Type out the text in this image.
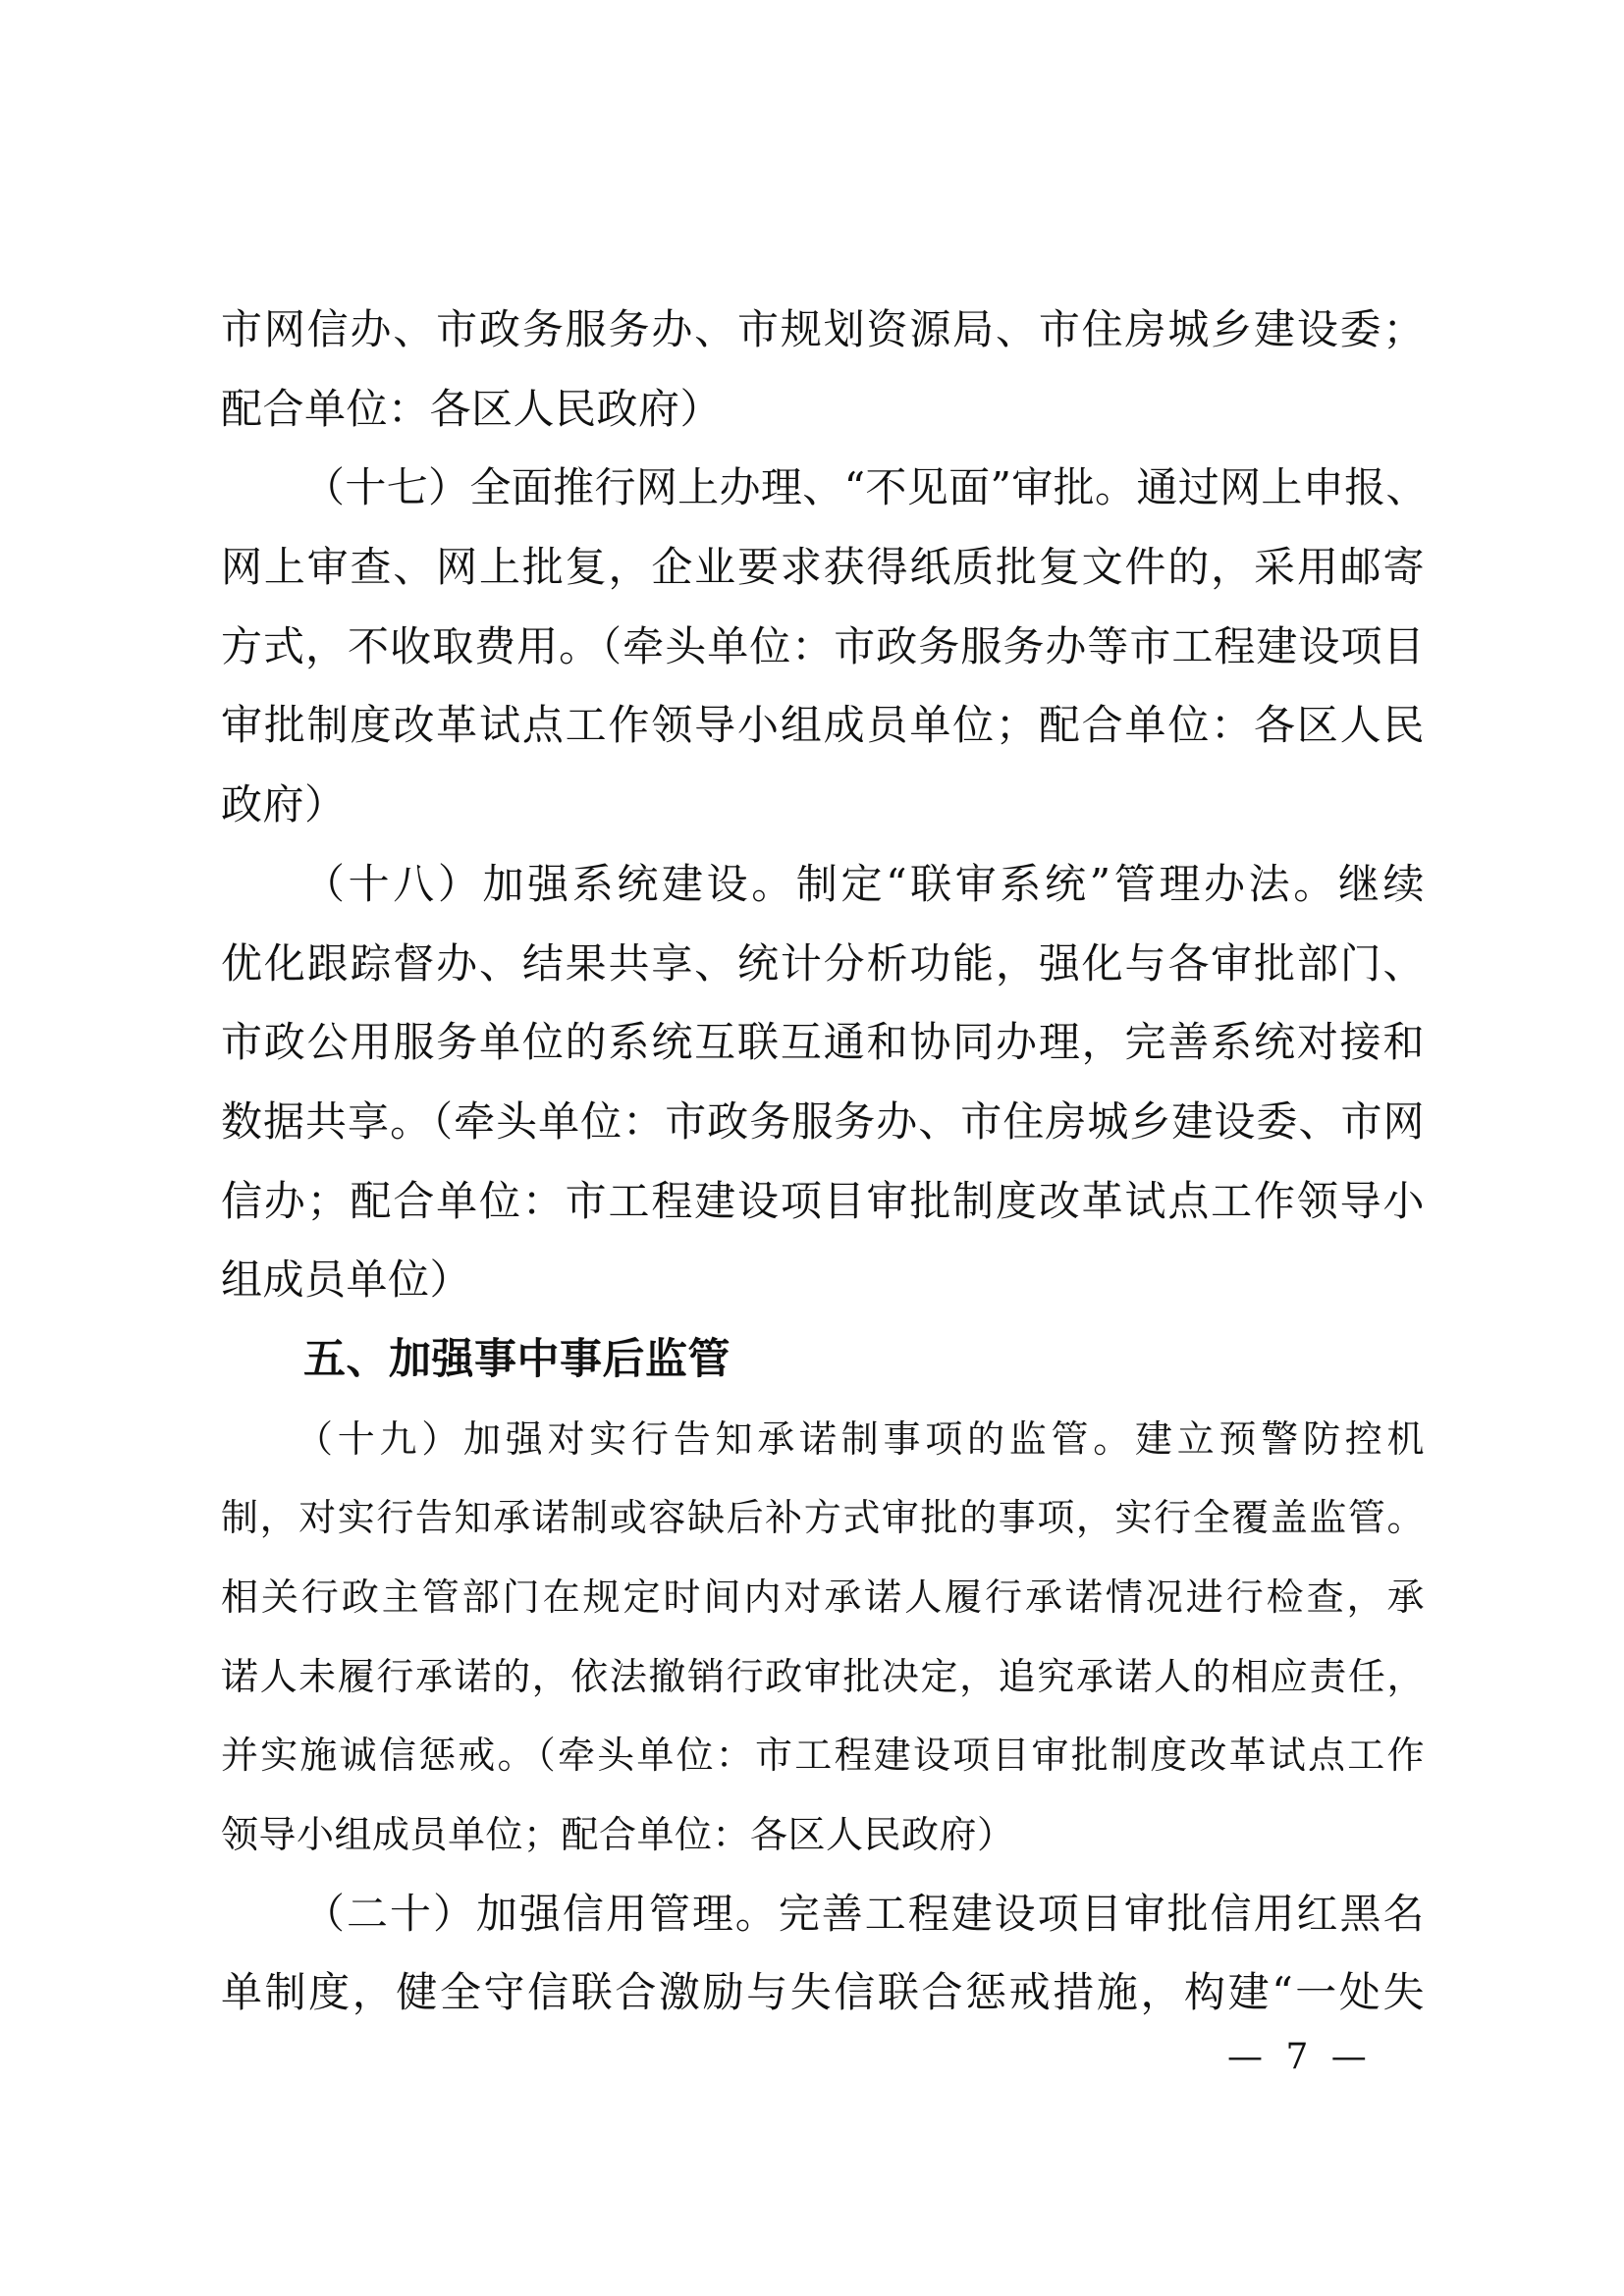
市网信办、市政务服务办、市规划资源局、市住房城乡建设委；
配合单位：各区人民政府）
（十七）全面推行网上办理、“不见面”审批。通过网上申报、
网上审查、网上批复，企业要求获得纸质批复文件的，采用邮寄
方式，不收取费用。（牵头单位：市政务服务办等市工程建设项目
审批制度改革试点工作领导小组成员单位；配合单位：各区人民
政府）
（十八）加强系统建设。制定“联审系统”管理办法。继续
优化跟踪督办、结果共享、统计分析功能，强化与各审批部门、
市政公用服务单位的系统互联互通和协同办理，完善系统对接和
数据共享。（牵头单位：市政务服务办、市住房城乡建设委、市网
信办；配合单位：市工程建设项目审批制度改革试点工作领导小
组成员单位）
五、加强事中事后监管
（十九）加强对实行告知承诺制事项的监管。建立预警防控机
制，对实行告知承诺制或容缺后补方式审批的事项，实行全覆盖监管。
相关行政主管部门在规定时间内对承诺人履行承诺情况进行检查，承
诺人未履行承诺的，依法撤销行政审批决定，追究承诺人的相应责任，
并实施诚信惩戒。（牵头单位：市工程建设项目审批制度改革试点工作
领导小组成员单位；配合单位：各区人民政府）
（二十）加强信用管理。完善工程建设项目审批信用红黑名
单制度，健全守信联合激励与失信联合惩戒措施，构建“一处失
— 7 —
